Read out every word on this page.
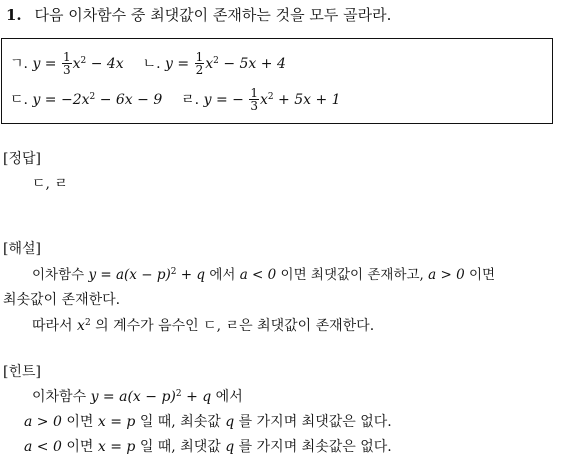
1. 다음 이차함수 중 최댓값이 존재하는 것을 모두 골라라.
ㄱ. $y = \frac{1}{3} x^2 - 4x$ ㄴ. $y = \frac{1}{2} x^2 - 5x + 4$
ㄷ. $y = -2x^2 - 6x - 9$ ㄹ. y = − $\frac{1}{3} x^2 + 5x + 1$
[정답]
ㄷ, ㄹ
[해설]
이차함수 $y = a(x - p)^2 + q$ 에서 a < 0 이면 최댓값이 존재하고, a > 0 이면
최솟값이 존재한다.
따라서 $x^2$ 의 계수가 음수인 ㄷ, ㄹ은 최댓값이 존재한다.
[힌트]
이차함수 $y = a(x - p)^2 + q$ 에서
a > 0 이면 x = p 일 때, 최솟값 q 를 가지며 최댓값은 없다.
a < 0 이면 x = p 일 때, 최댓값 q 를 가지며 최솟값은 없다.
